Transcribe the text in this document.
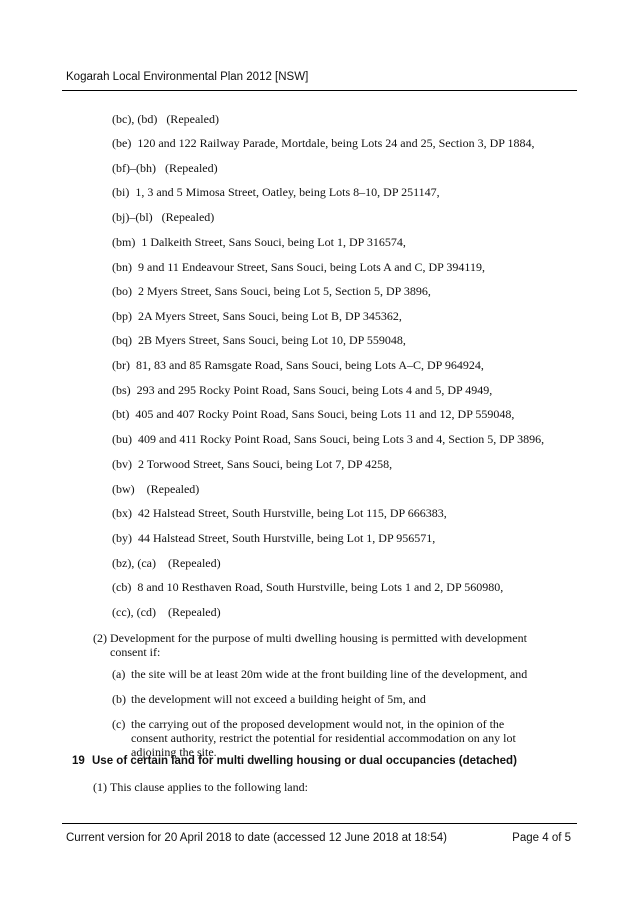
Kogarah Local Environmental Plan 2012 [NSW]
(bc), (bd) (Repealed)
(be) 120 and 122 Railway Parade, Mortdale, being Lots 24 and 25, Section 3, DP 1884,
(bf)–(bh) (Repealed)
(bi) 1, 3 and 5 Mimosa Street, Oatley, being Lots 8–10, DP 251147,
(bj)–(bl) (Repealed)
(bm) 1 Dalkeith Street, Sans Souci, being Lot 1, DP 316574,
(bn) 9 and 11 Endeavour Street, Sans Souci, being Lots A and C, DP 394119,
(bo) 2 Myers Street, Sans Souci, being Lot 5, Section 5, DP 3896,
(bp) 2A Myers Street, Sans Souci, being Lot B, DP 345362,
(bq) 2B Myers Street, Sans Souci, being Lot 10, DP 559048,
(br) 81, 83 and 85 Ramsgate Road, Sans Souci, being Lots A–C, DP 964924,
(bs) 293 and 295 Rocky Point Road, Sans Souci, being Lots 4 and 5, DP 4949,
(bt) 405 and 407 Rocky Point Road, Sans Souci, being Lots 11 and 12, DP 559048,
(bu) 409 and 411 Rocky Point Road, Sans Souci, being Lots 3 and 4, Section 5, DP 3896,
(bv) 2 Torwood Street, Sans Souci, being Lot 7, DP 4258,
(bw) (Repealed)
(bx) 42 Halstead Street, South Hurstville, being Lot 115, DP 666383,
(by) 44 Halstead Street, South Hurstville, being Lot 1, DP 956571,
(bz), (ca) (Repealed)
(cb) 8 and 10 Resthaven Road, South Hurstville, being Lots 1 and 2, DP 560980,
(cc), (cd) (Repealed)
(2) Development for the purpose of multi dwelling housing is permitted with development consent if:
(a) the site will be at least 20m wide at the front building line of the development, and
(b) the development will not exceed a building height of 5m, and
(c) the carrying out of the proposed development would not, in the opinion of the consent authority, restrict the potential for residential accommodation on any lot adjoining the site.
19 Use of certain land for multi dwelling housing or dual occupancies (detached)
(1) This clause applies to the following land:
Current version for 20 April 2018 to date (accessed 12 June 2018 at 18:54)	Page 4 of 5
